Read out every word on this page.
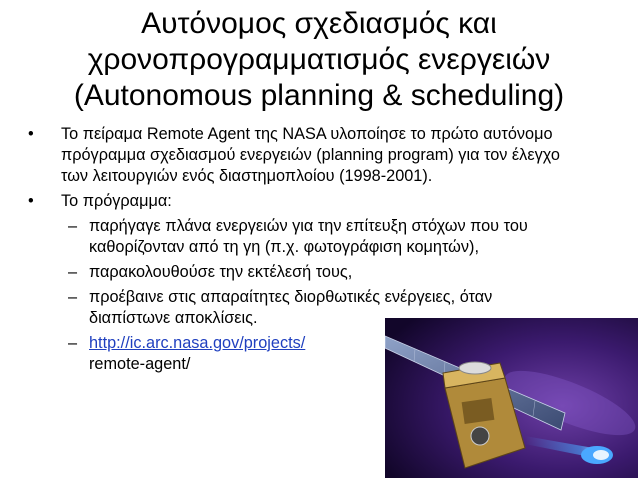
Αυτόνομος σχεδιασμός και
χρονοπρογραμματισμός ενεργειών
(Autonomous planning & scheduling)
• Το πείραμα Remote Agent της NASA υλοποίησε το πρώτο αυτόνομο
πρόγραμμα σχεδιασμού ενεργειών (planning program) για τον έλεγχο
των λειτουργιών ενός διαστημοπλοίου (1998-2001).
• Το πρόγραμμα:
– παρήγαγε πλάνα ενεργειών για την επίτευξη στόχων που του
καθορίζονταν από τη γη (π.χ. φωτογράφιση κομητών),
– παρακολουθούσε την εκτέλεσή τους,
– προέβαινε στις απαραίτητες διορθωτικές ενέργειες, όταν
διαπίστωνε αποκλίσεις.
– http://ic.arc.nasa.gov/projects/
remote-agent/
